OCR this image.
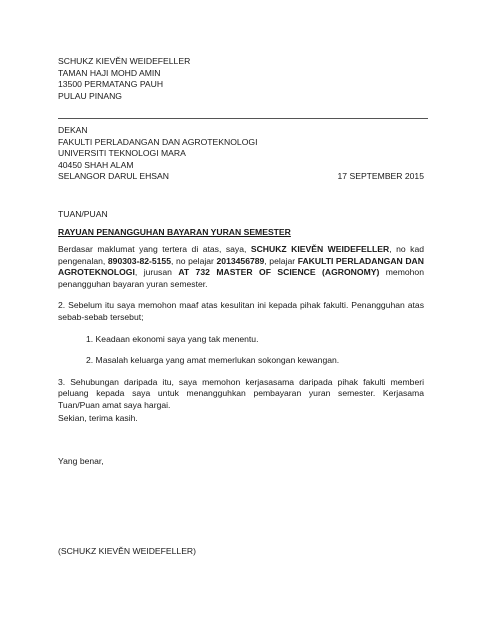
SCHUKZ KIEVĚN WEIDEFELLER
TAMAN HAJI MOHD AMIN
13500 PERMATANG PAUH
PULAU PINANG
DEKAN
FAKULTI PERLADANGAN DAN AGROTEKNOLOGI
UNIVERSITI TEKNOLOGI MARA
40450 SHAH ALAM
SELANGOR DARUL EHSAN	17 SEPTEMBER 2015
TUAN/PUAN
RAYUAN PENANGGUHAN BAYARAN YURAN SEMESTER

Berdasar maklumat yang tertera di atas, saya, SCHUKZ KIEVĚN WEIDEFELLER, no kad pengenalan, 890303-82-5155, no pelajar 2013456789, pelajar FAKULTI PERLADANGAN DAN AGROTEKNOLOGI, jurusan AT 732 MASTER OF SCIENCE (AGRONOMY) memohon penangguhan bayaran yuran semester.

2. Sebelum itu saya memohon maaf atas kesulitan ini kepada pihak fakulti. Penangguhan atas sebab-sebab tersebut;

1. Keadaan ekonomi saya yang tak menentu.

2. Masalah keluarga yang amat memerlukan sokongan kewangan.

3. Sehubungan daripada itu, saya memohon kerjasasama daripada pihak fakulti memberi peluang kepada saya untuk menangguhkan pembayaran yuran semester. Kerjasama Tuan/Puan amat saya hargai.

Sekian, terima kasih.
Yang benar,
(SCHUKZ KIEVĚN WEIDEFELLER)
